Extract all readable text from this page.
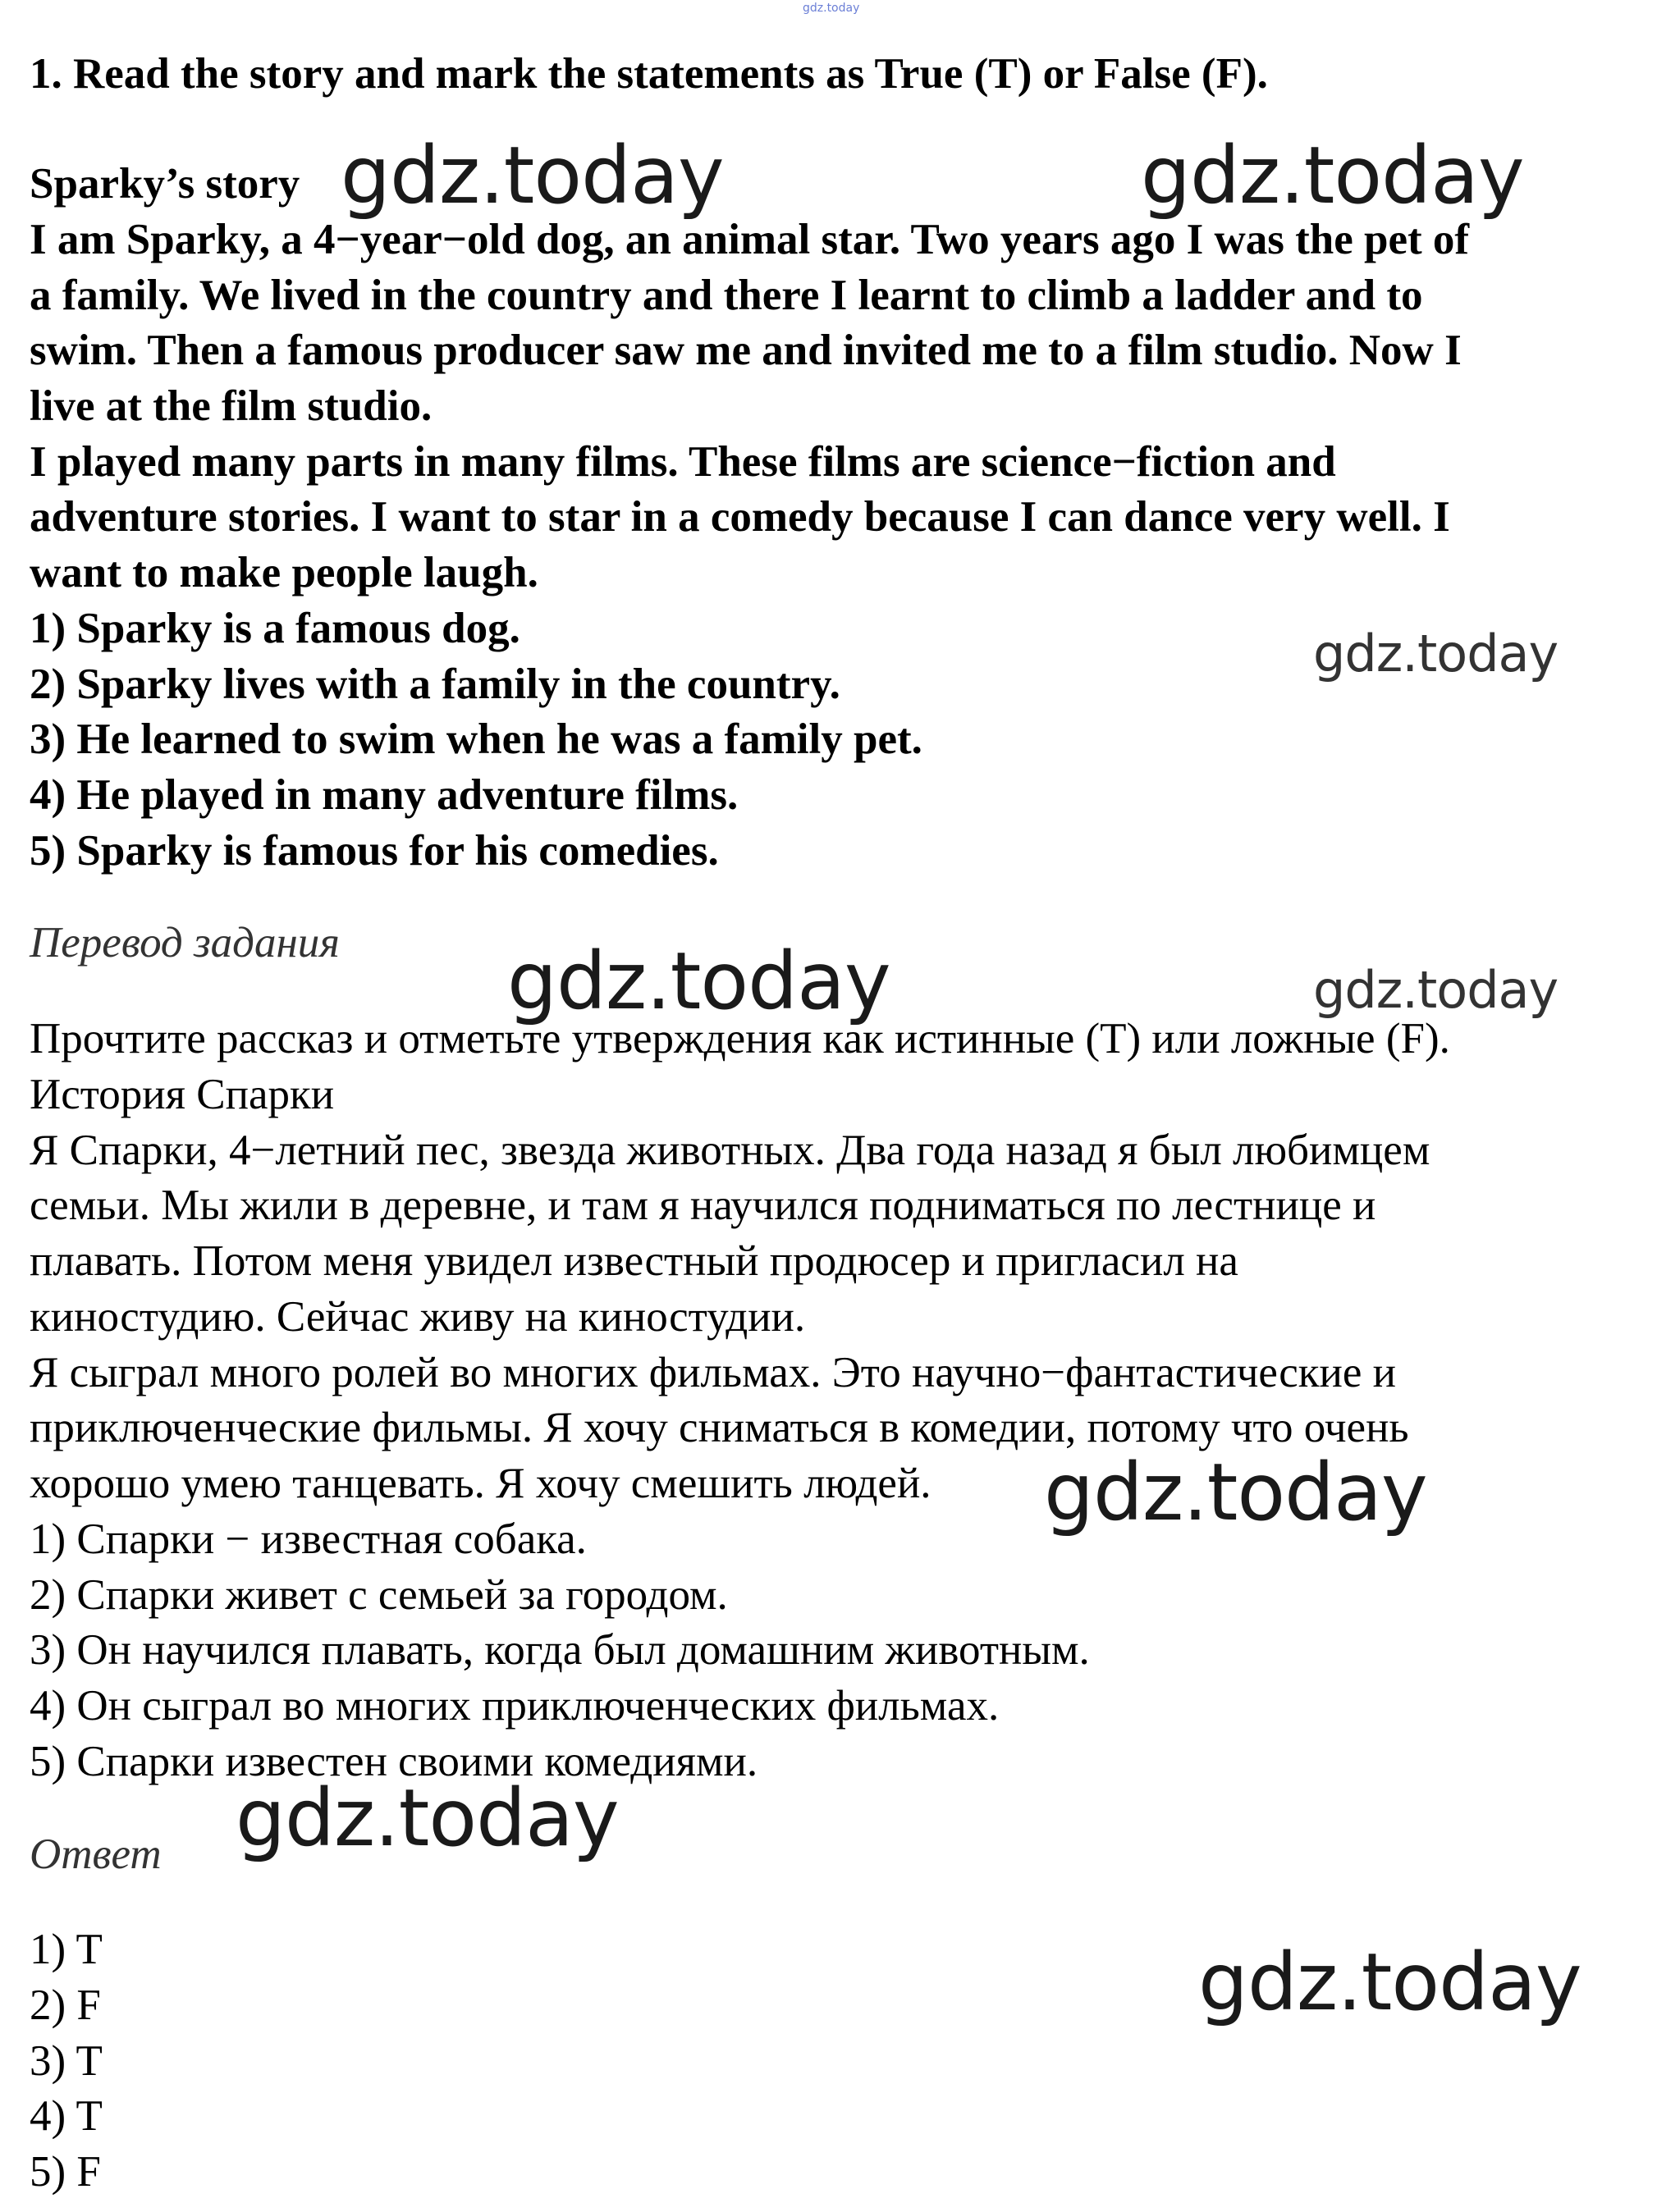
gdz.today
1. Read the story and mark the statements as True (T) or False (F).
Sparky’s story
I am Sparky, a 4−year−old dog, an animal star. Two years ago I was the pet of
a family. We lived in the country and there I learnt to climb a ladder and to
swim. Then a famous producer saw me and invited me to a film studio. Now I
live at the film studio.
I played many parts in many films. These films are science−fiction and
adventure stories. I want to star in a comedy because I can dance very well. I
want to make people laugh.
1) Sparky is a famous dog.
2) Sparky lives with a family in the country.
3) He learned to swim when he was a family pet.
4) He played in many adventure films.
5) Sparky is famous for his comedies.
Перевод задания
Прочтите рассказ и отметьте утверждения как истинные (T) или ложные (F).
История Спарки
Я Спарки, 4−летний пес, звезда животных. Два года назад я был любимцем
семьи. Мы жили в деревне, и там я научился подниматься по лестнице и
плавать. Потом меня увидел известный продюсер и пригласил на
киностудию. Сейчас живу на киностудии.
Я сыграл много ролей во многих фильмах. Это научно−фантастические и
приключенческие фильмы. Я хочу сниматься в комедии, потому что очень
хорошо умею танцевать. Я хочу смешить людей.
1) Спарки − известная собака.
2) Спарки живет с семьей за городом.
3) Он научился плавать, когда был домашним животным.
4) Он сыграл во многих приключенческих фильмах.
5) Спарки известен своими комедиями.
Ответ
1) T
2) F
3) T
4) T
5) F
gdz.today	gdz.today
gdz.today
gdz.today	gdz.today
gdz.today
gdz.today
gdz.today
